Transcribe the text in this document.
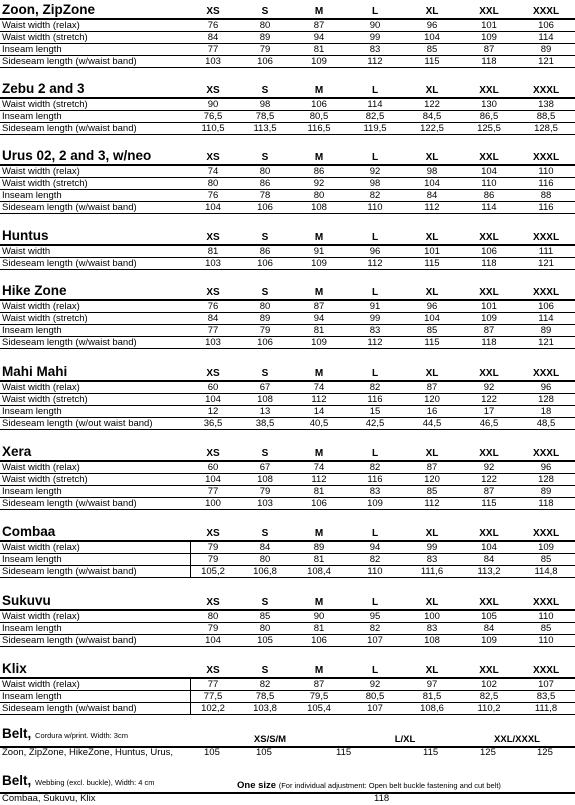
Zoon, ZipZone	XS	S	M	L	XL	XXL	XXXL
Waist width (relax)	76	80	87	90	96	101	106
Waist width (stretch)	84	89	94	99	104	109	114
Inseam length	77	79	81	83	85	87	89
Sideseam length (w/waist band)	103	106	109	112	115	118	121
Zebu 2 and 3	XS	S	M	L	XL	XXL	XXXL
Waist width (stretch)	90	98	106	114	122	130	138
Inseam length	76,5	78,5	80,5	82,5	84,5	86,5	88,5
Sideseam length (w/waist band)	110,5	113,5	116,5	119,5	122,5	125,5	128,5
Urus 02, 2 and 3, w/neo	XS	S	M	L	XL	XXL	XXXL
Waist width (relax)	74	80	86	92	98	104	110
Waist width (stretch)	80	86	92	98	104	110	116
Inseam length	76	78	80	82	84	86	88
Sideseam length (w/waist band)	104	106	108	110	112	114	116
Huntus	XS	S	M	L	XL	XXL	XXXL
Waist width	81	86	91	96	101	106	111
Sideseam length (w/waist band)	103	106	109	112	115	118	121
Hike Zone	XS	S	M	L	XL	XXL	XXXL
Waist width (relax)	76	80	87	91	96	101	106
Waist width (stretch)	84	89	94	99	104	109	114
Inseam length	77	79	81	83	85	87	89
Sideseam length (w/waist band)	103	106	109	112	115	118	121
Mahi Mahi	XS	S	M	L	XL	XXL	XXXL
Waist width (relax)	60	67	74	82	87	92	96
Waist width (stretch)	104	108	112	116	120	122	128
Inseam length	12	13	14	15	16	17	18
Sideseam length (w/out waist band)	36,5	38,5	40,5	42,5	44,5	46,5	48,5
Xera	XS	S	M	L	XL	XXL	XXXL
Waist width (relax)	60	67	74	82	87	92	96
Waist width (stretch)	104	108	112	116	120	122	128
Inseam length	77	79	81	83	85	87	89
Sideseam length (w/waist band)	100	103	106	109	112	115	118
Combaa	XS	S	M	L	XL	XXL	XXXL
Waist width (relax)	79	84	89	94	99	104	109
Inseam length	79	80	81	82	83	84	85
Sideseam length (w/waist band)	105,2	106,8	108,4	110	111,6	113,2	114,8
Sukuvu	XS	S	M	L	XL	XXL	XXXL
Waist width (relax)	80	85	90	95	100	105	110
Inseam length	79	80	81	82	83	84	85
Sideseam length (w/waist band)	104	105	106	107	108	109	110
Klix	XS	S	M	L	XL	XXL	XXXL
Waist width (relax)	77	82	87	92	97	102	107
Inseam length	77,5	78,5	79,5	80,5	81,5	82,5	83,5
Sideseam length (w/waist band)	102,2	103,8	105,4	107	108,6	110,2	111,8
Belt, Cordura w/print. Width: 3cm	XS/S/M	L/XL	XXL/XXXL
Zoon, ZipZone, HikeZone, Huntus, Urus,	105	105	115	115	125	125
Belt, Webbing (excl. buckle), Width: 4 cm	One size (For individual adjustment: Open belt buckle fastening and cut belt)
Combaa, Sukuvu, Klix	118
